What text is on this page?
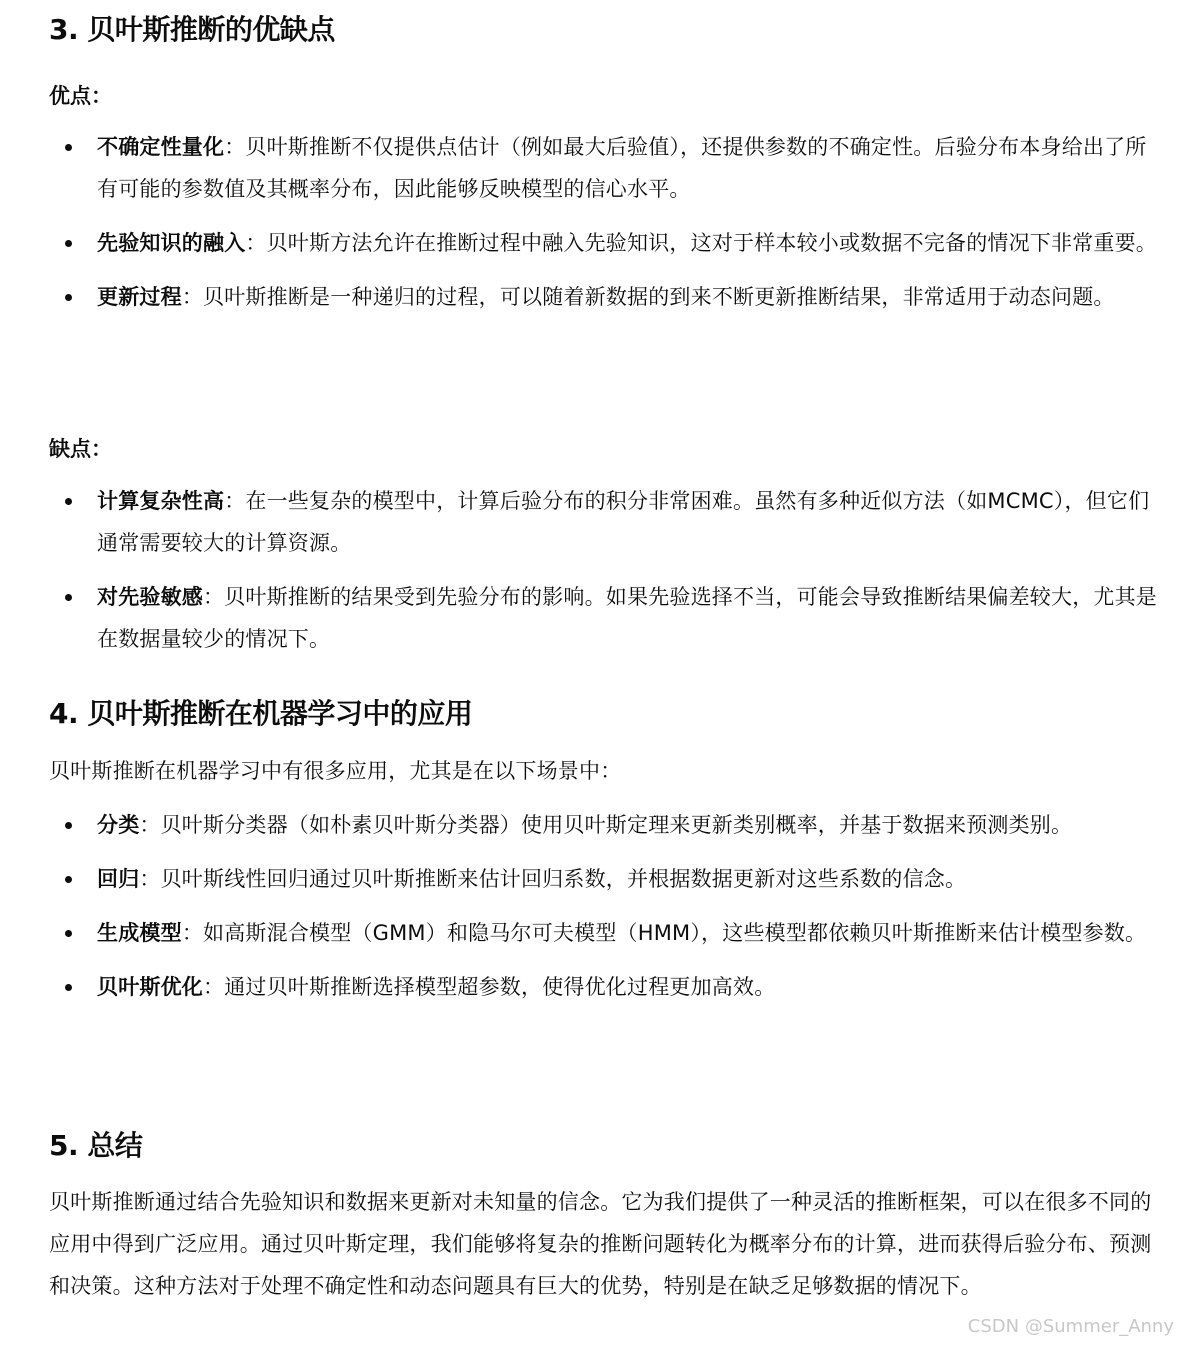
3. 贝叶斯推断的优缺点

优点：

不确定性量化：贝叶斯推断不仅提供点估计（例如最大后验值），还提供参数的不确定性。后验分布本身给出了所有可能的参数值及其概率分布，因此能够反映模型的信心水平。
先验知识的融入：贝叶斯方法允许在推断过程中融入先验知识，这对于样本较小或数据不完备的情况下非常重要。
更新过程：贝叶斯推断是一种递归的过程，可以随着新数据的到来不断更新推断结果，非常适用于动态问题。

缺点：

计算复杂性高：在一些复杂的模型中，计算后验分布的积分非常困难。虽然有多种近似方法（如MCMC），但它们通常需要较大的计算资源。
对先验敏感：贝叶斯推断的结果受到先验分布的影响。如果先验选择不当，可能会导致推断结果偏差较大，尤其是在数据量较少的情况下。
4. 贝叶斯推断在机器学习中的应用

贝叶斯推断在机器学习中有很多应用，尤其是在以下场景中：

分类：贝叶斯分类器（如朴素贝叶斯分类器）使用贝叶斯定理来更新类别概率，并基于数据来预测类别。
回归：贝叶斯线性回归通过贝叶斯推断来估计回归系数，并根据数据更新对这些系数的信念。
生成模型：如高斯混合模型（GMM）和隐马尔可夫模型（HMM），这些模型都依赖贝叶斯推断来估计模型参数。
贝叶斯优化：通过贝叶斯推断选择模型超参数，使得优化过程更加高效。
5. 总结

贝叶斯推断通过结合先验知识和数据来更新对未知量的信念。它为我们提供了一种灵活的推断框架，可以在很多不同的应用中得到广泛应用。通过贝叶斯定理，我们能够将复杂的推断问题转化为概率分布的计算，进而获得后验分布、预测和决策。这种方法对于处理不确定性和动态问题具有巨大的优势，特别是在缺乏足够数据的情况下。

CSDN @Summer_Anny
